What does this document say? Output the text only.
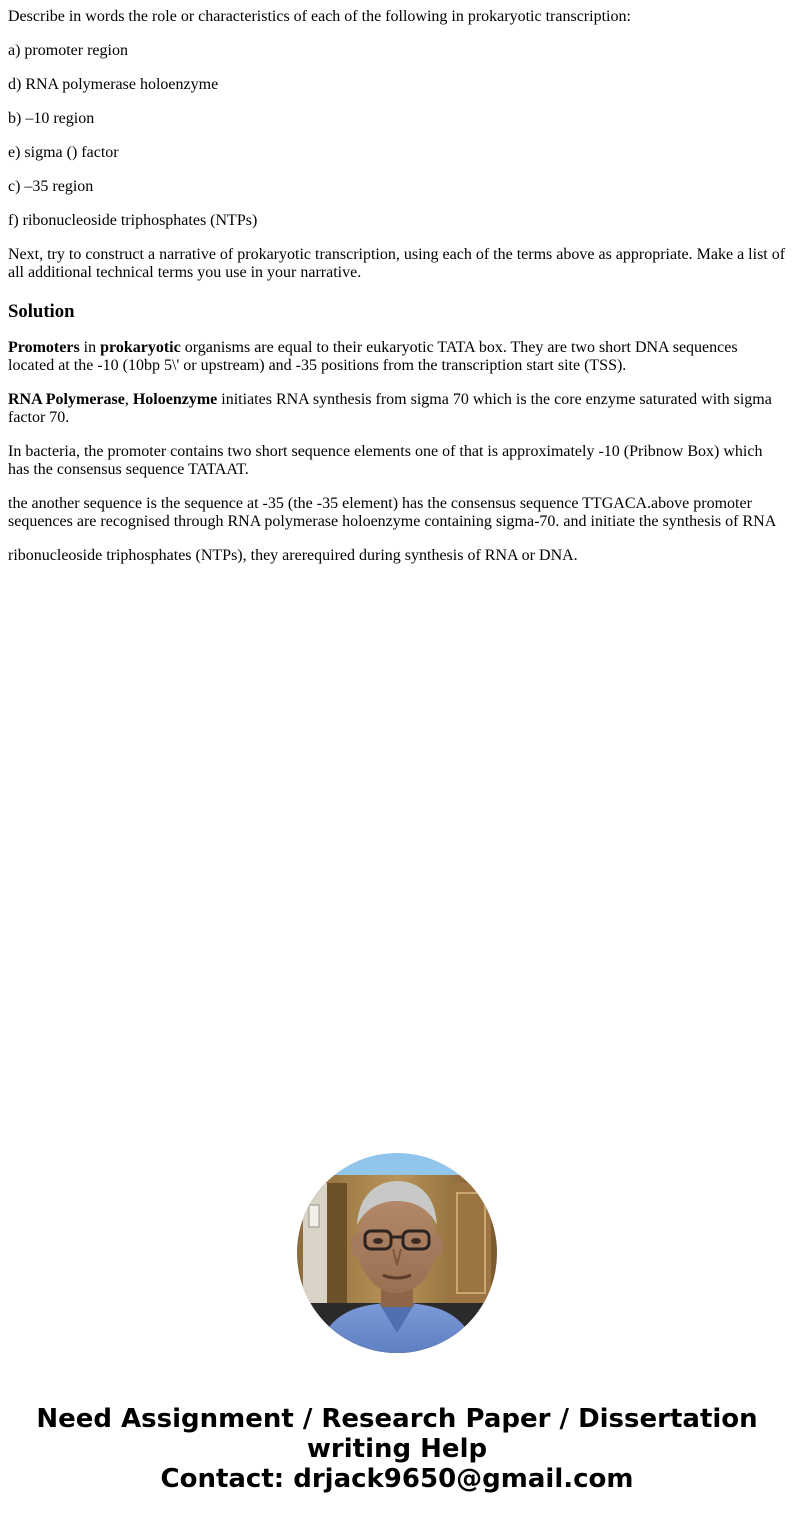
Describe in words the role or characteristics of each of the following in prokaryotic transcription:

a) promoter region

d) RNA polymerase holoenzyme

b) –10 region

e) sigma () factor

c) –35 region

f) ribonucleoside triphosphates (NTPs)

Next, try to construct a narrative of prokaryotic transcription, using each of the terms above as appropriate. Make a list of all additional technical terms you use in your narrative.

Solution

Promoters in prokaryotic organisms are equal to their eukaryotic TATA box. They are two short DNA sequences located at the -10 (10bp 5\' or upstream) and -35 positions from the transcription start site (TSS).

RNA Polymerase, Holoenzyme initiates RNA synthesis from sigma 70 which is the core enzyme saturated with sigma factor 70.

In bacteria, the promoter contains two short sequence elements one of that is approximately -10 (Pribnow Box) which has the consensus sequence TATAAT.

the another sequence is the sequence at -35 (the -35 element) has the consensus sequence TTGACA.above promoter sequences are recognised through RNA polymerase holoenzyme containing sigma-70. and initiate the synthesis of RNA

ribonucleoside triphosphates (NTPs), they arerequired during synthesis of RNA or DNA.

Need Assignment / Research Paper / Dissertation
writing Help
Contact: drjack9650@gmail.com
